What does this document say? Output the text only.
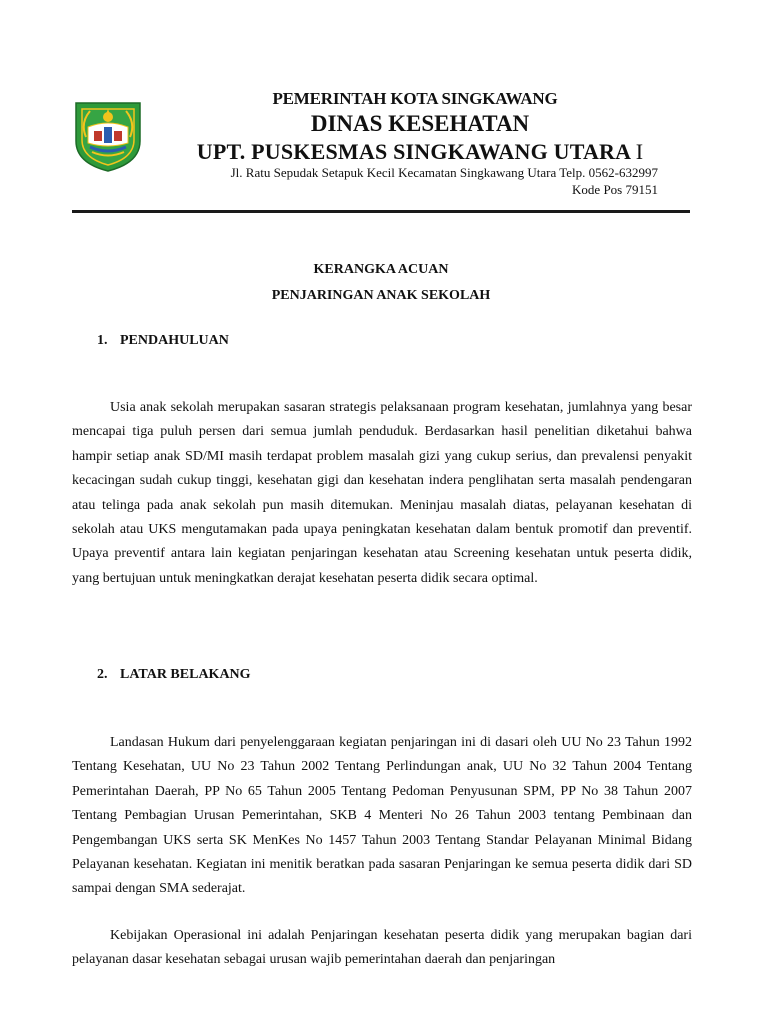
PEMERINTAH KOTA SINGKAWANG
DINAS KESEHATAN
UPT. PUSKESMAS SINGKAWANG UTARA I
Jl. Ratu Sepudak Setapuk Kecil Kecamatan Singkawang Utara Telp. 0562-632997
Kode Pos 79151
KERANGKA ACUAN
PENJARINGAN ANAK SEKOLAH
1. PENDAHULUAN

Usia anak sekolah merupakan sasaran strategis pelaksanaan program kesehatan, jumlahnya yang besar mencapai tiga puluh persen dari semua jumlah penduduk. Berdasarkan hasil penelitian diketahui bahwa hampir setiap anak SD/MI masih terdapat problem masalah gizi yang cukup serius, dan prevalensi penyakit kecacingan sudah cukup tinggi, kesehatan gigi dan kesehatan indera penglihatan serta masalah pendengaran atau telinga pada anak sekolah pun masih ditemukan. Meninjau masalah diatas, pelayanan kesehatan di sekolah atau UKS mengutamakan pada upaya peningkatan kesehatan dalam bentuk promotif dan preventif. Upaya preventif antara lain kegiatan penjaringan kesehatan atau Screening kesehatan untuk peserta didik, yang bertujuan untuk meningkatkan derajat kesehatan peserta didik secara optimal.

2. LATAR BELAKANG

Landasan Hukum dari penyelenggaraan kegiatan penjaringan ini di dasari oleh UU No 23 Tahun 1992 Tentang Kesehatan, UU No 23 Tahun 2002 Tentang Perlindungan anak, UU No 32 Tahun 2004 Tentang Pemerintahan Daerah, PP No 65 Tahun 2005 Tentang Pedoman Penyusunan SPM, PP No 38 Tahun 2007 Tentang Pembagian Urusan Pemerintahan, SKB 4 Menteri No 26 Tahun 2003 tentang Pembinaan dan Pengembangan UKS serta SK MenKes No 1457 Tahun 2003 Tentang Standar Pelayanan Minimal Bidang Pelayanan kesehatan. Kegiatan ini menitik beratkan pada sasaran Penjaringan ke semua peserta didik dari SD sampai dengan SMA sederajat.

Kebijakan Operasional ini adalah Penjaringan kesehatan peserta didik yang merupakan bagian dari pelayanan dasar kesehatan sebagai urusan wajib pemerintahan daerah dan penjaringan
